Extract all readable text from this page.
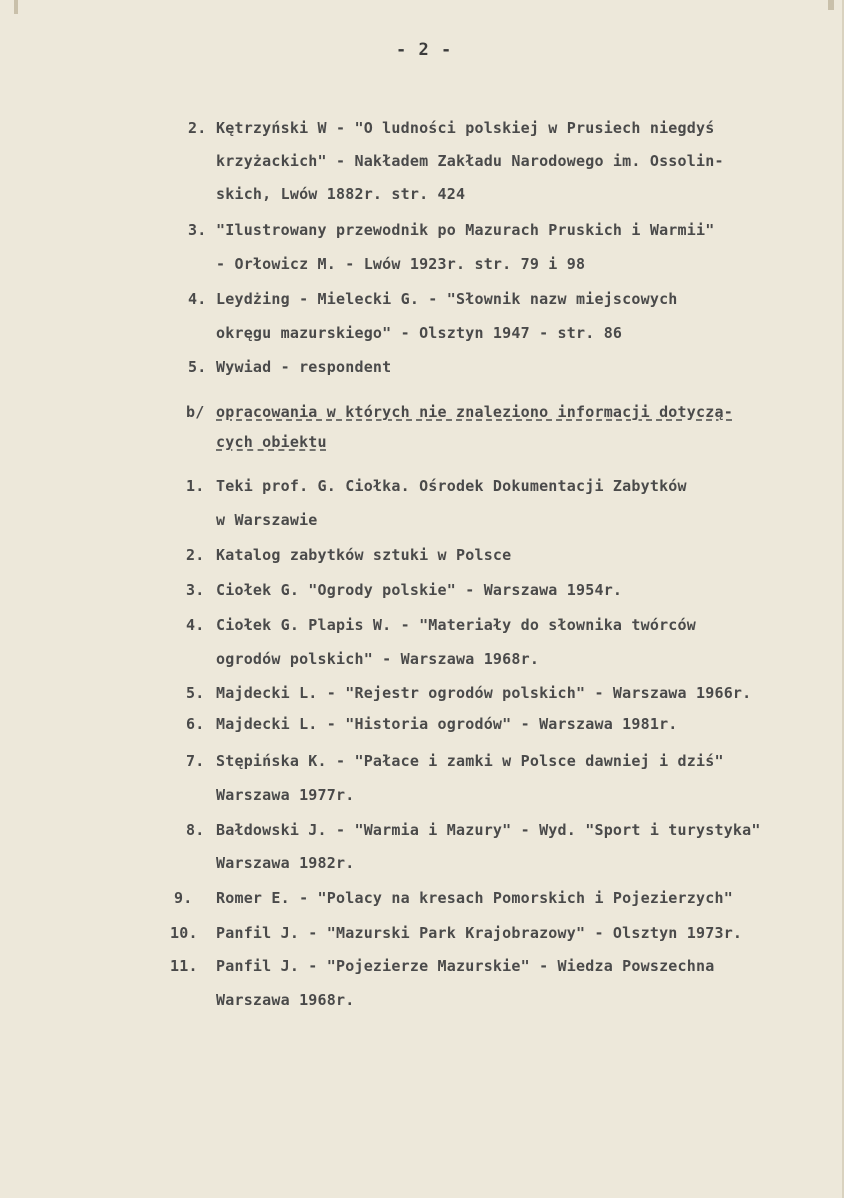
- 2 -
2. Kętrzyński W - "O ludności polskiej w Prusiech niegdyś
krzyżackich" - Nakładem Zakładu Narodowego im. Ossolin-
skich, Lwów 1882r. str. 424
3. "Ilustrowany przewodnik po Mazurach Pruskich i Warmii"
- Orłowicz M. - Lwów 1923r. str. 79 i 98
4. Leydżing - Mielecki G. - "Słownik nazw miejscowych
okręgu mazurskiego" - Olsztyn 1947 - str. 86
5. Wywiad - respondent
b/ opracowania w których nie znaleziono informacji dotyczą-
cych obiektu
1. Teki prof. G. Ciołka. Ośrodek Dokumentacji Zabytków
w Warszawie
2. Katalog zabytków sztuki w Polsce
3. Ciołek G. "Ogrody polskie" - Warszawa 1954r.
4. Ciołek G. Plapis W. - "Materiały do słownika twórców
ogrodów polskich" - Warszawa 1968r.
5. Majdecki L. - "Rejestr ogrodów polskich" - Warszawa 1966r.
6. Majdecki L. - "Historia ogrodów" - Warszawa 1981r.
7. Stępińska K. - "Pałace i zamki w Polsce dawniej i dziś"
Warszawa 1977r.
8. Bałdowski J. - "Warmia i Mazury" - Wyd. "Sport i turystyka"
Warszawa 1982r.
9. Romer E. - "Polacy na kresach Pomorskich i Pojezierzych"
10. Panfil J. - "Mazurski Park Krajobrazowy" - Olsztyn 1973r.
11. Panfil J. - "Pojezierze Mazurskie" - Wiedza Powszechna
Warszawa 1968r.
